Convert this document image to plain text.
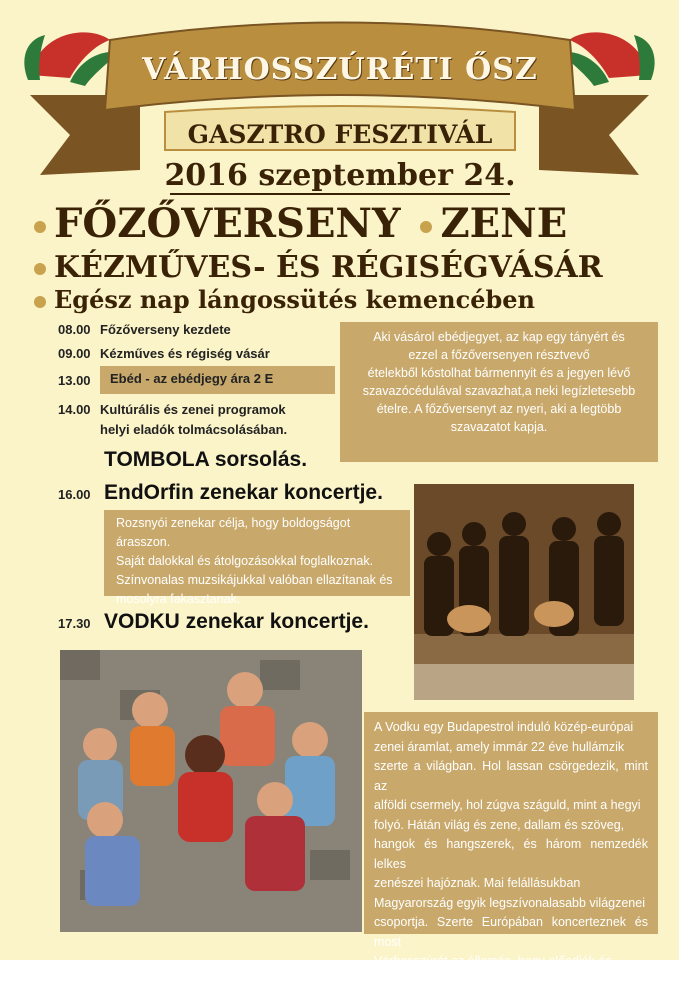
VÁRHOSSZÚRÉTI ŐSZ
GASZTRO FESZTIVÁL
2016 szeptember 24.
FŐZŐVERSENY ZENE
KÉZMŰVES- ÉS RÉGISÉGVÁSÁR
Egész nap lángossütés kemencében
08.00 Főzőverseny kezdete
09.00 Kézműves és régiség vásár
13.00	Ebéd - az ebédjegy ára 2 E
14.00 Kultúrális és zenei programok
helyi eladók tolmácsolásában.
Aki vásárol ebédjegyet, az kap egy tányért és
ezzel a főzőversenyen résztvevő
ételekből kóstolhat bármennyit és a jegyen lévő
szavazócédulával szavazhat,a neki legízletesebb
ételre. A főzőversenyt az nyeri, aki a legtöbb
szavazatot kapja.
TOMBOLA sorsolás.
16.00 EndOrfin zenekar koncertje.
Rozsnyói zenekar célja, hogy boldogságot árasszon.
Saját dalokkal és átolgozásokkal foglalkoznak.
Színvonalas muzsikájukkal valóban ellazítanak és
mosolyra fakasztanak.
17.30 VODKU zenekar koncertje.
A Vodku egy Budapestrol induló közép-európai
zenei áramlat, amely immár 22 éve hullámzik
szerte a világban. Hol lassan csörgedezik, mint az
alföldi csermely, hol zúgva száguld, mint a hegyi
folyó. Hátán világ és zene, dallam és szöveg,
hangok és hangszerek, és három nemzedék lelkes
zenészei hajóznak. Mai felállásukban
Magyarország egyik legszívonalasabb világzenei
csoportja. Szerte Európában koncerteznek és most
Várhosszúrét az állomás, hogy előadják és
elkápráztassák a helyi közönséget.
